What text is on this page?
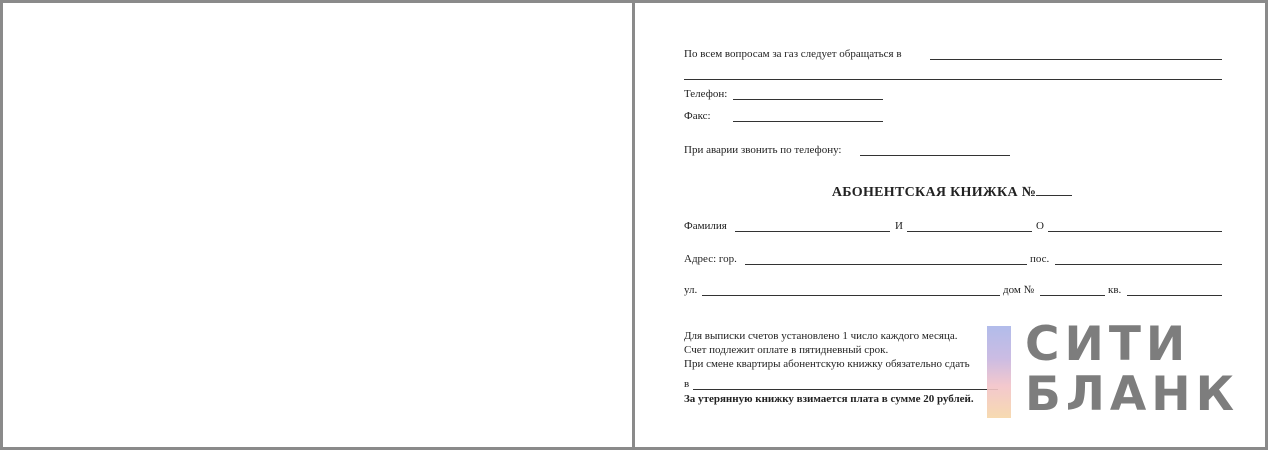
По всем вопросам за газ следует обращаться в
Телефон:
Факс:
При аварии звонить по телефону:
АБОНЕНТСКАЯ КНИЖКА №
Фамилия	И	О
Адрес: гор.	пос.
ул.	дом №	кв.
Для выписки счетов установлено 1 число каждого месяца.
Счет подлежит оплате в пятидневный срок.
При смене квартиры абонентскую книжку обязательно сдать
в
За утерянную книжку взимается плата в сумме 20 рублей.
СИТИ
БЛАНК
